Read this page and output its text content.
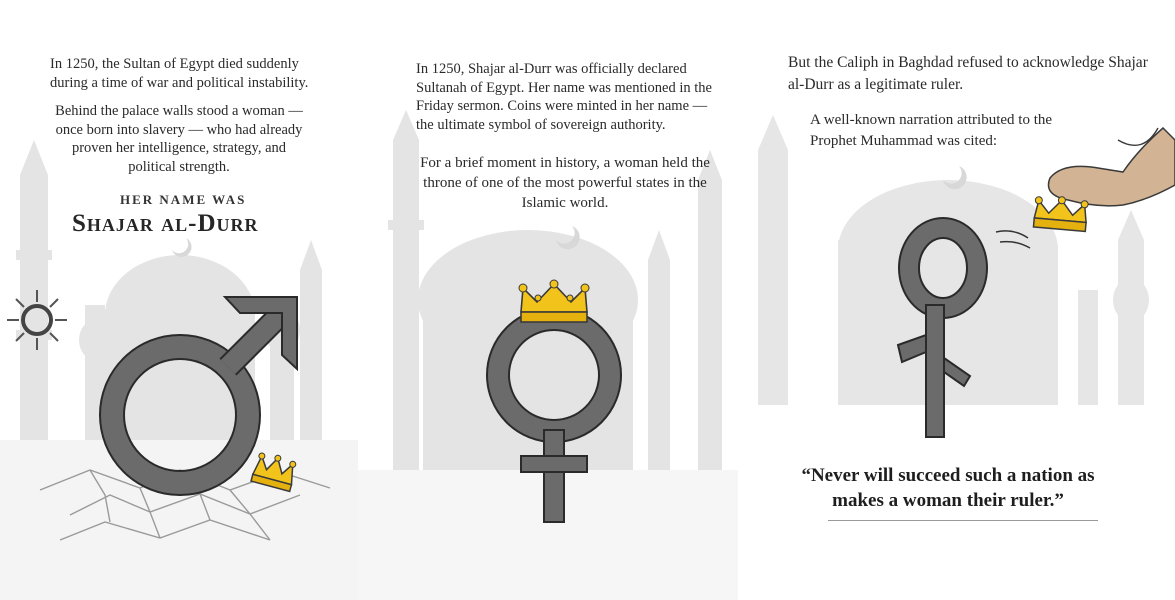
In 1250, the Sultan of Egypt died suddenly during a time of war and political instability.

Behind the palace walls stood a woman — once born into slavery — who had already proven her intelligence, strategy, and political strength.

HER NAME WAS
Shajar al-Durr

In 1250, Shajar al-Durr was officially declared Sultanah of Egypt. Her name was mentioned in the Friday sermon. Coins were minted in her name — the ultimate symbol of sovereign authority.

For a brief moment in history, a woman held the throne of one of the most powerful states in the Islamic world.

But the Caliph in Baghdad refused to acknowledge Shajar al-Durr as a legitimate ruler.

A well-known narration attributed to the Prophet Muhammad was cited:

“Never will succeed such a nation as makes a woman their ruler.”
